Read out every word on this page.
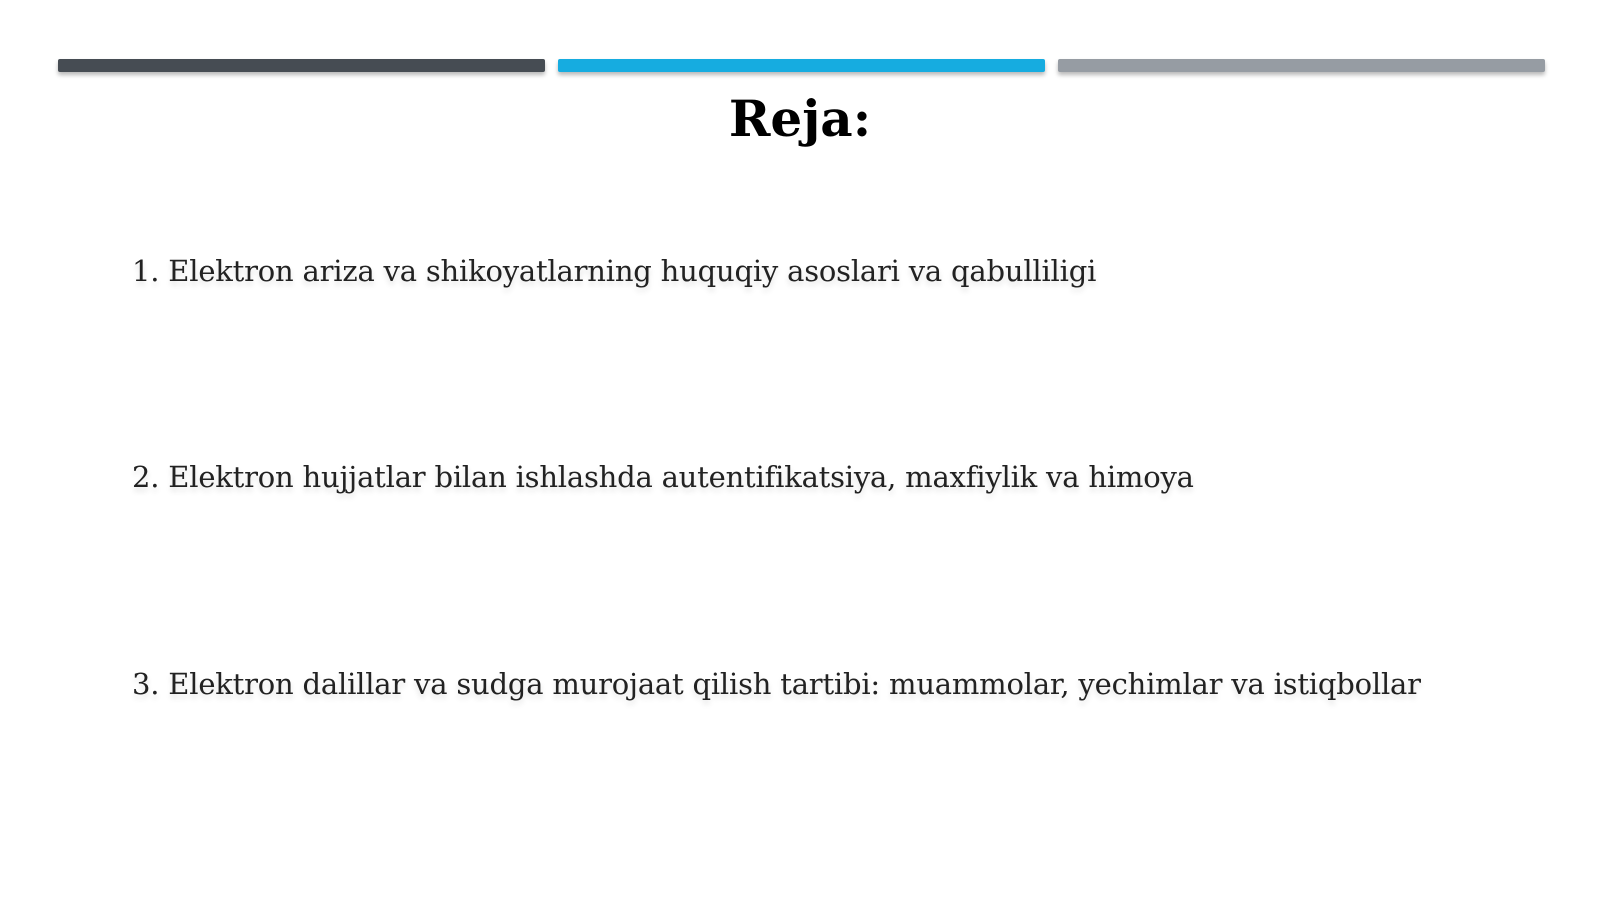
Reja:
1. Elektron ariza va shikoyatlarning huquqiy asoslari va qabulliligi
2. Elektron hujjatlar bilan ishlashda autentifikatsiya, maxfiylik va himoya
3. Elektron dalillar va sudga murojaat qilish tartibi: muammolar, yechimlar va istiqbollar
